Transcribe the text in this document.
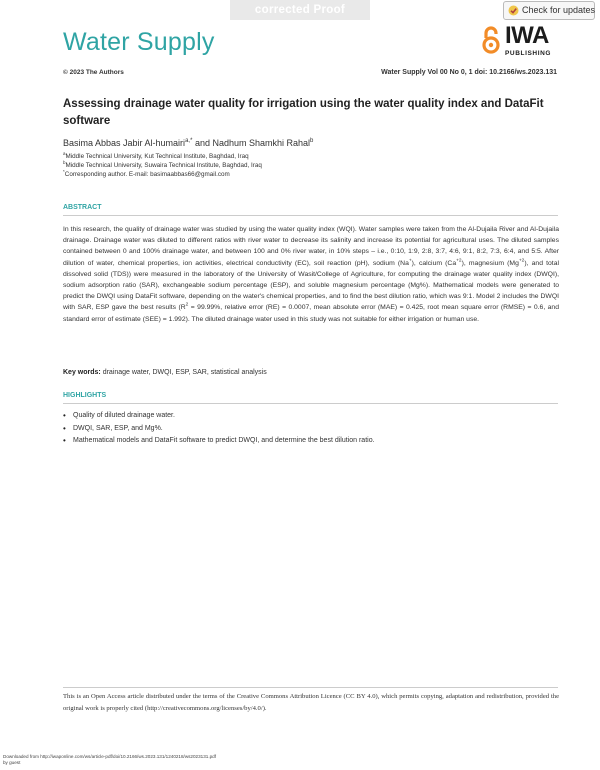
corrected Proof	Check for updates
Water Supply	IWA
PUBLISHING
© 2023 The Authors	Water Supply Vol 00 No 0, 1 doi: 10.2166/ws.2023.131
Assessing drainage water quality for irrigation using the water quality index and DataFit software
Basima Abbas Jabir Al-humairi$^{a,*}$ and Nadhum Shamkhi Rahal$^b$
$^a$Middle Technical University, Kut Technical Institute, Baghdad, Iraq
$^b$Middle Technical University, Suwaira Technical Institute, Baghdad, Iraq
*Corresponding author. E-mail: basimaabbas66@gmail.com
ABSTRACT
In this research, the quality of drainage water was studied by using the water quality index (WQI). Water samples were taken from the Al-Dujaila River and Al-Dujaila drainage. Drainage water was diluted to different ratios with river water to decrease its salinity and increase its potential for agricultural uses. The diluted samples contained between 0 and 100% drainage water, and between 100 and 0% river water, in 10% steps – i.e., 0:10, 1:9, 2:8, 3:7, 4:6, 9:1, 8:2, 7:3, 6:4, and 5:5. After dilution of water, chemical properties, ion activities, electrical conductivity (EC), soil reaction (pH), sodium (Na+), calcium $(Ca^{+2})$, magnesium $(Mg^{+2})$, and total dissolved solid (TDS)) were measured in the laboratory of the University of Wasit/College of Agriculture, for computing the drainage water quality index (DWQI), sodium adsorption ratio (SAR), exchangeable sodium percentage (ESP), and soluble magnesium percentage (Mg%). Mathematical models were generated to predict the DWQI using DataFit software, depending on the water's chemical properties, and to find the best dilution ratio, which was 9:1. Model 2 includes the DWQI with SAR, ESP gave the best results ($R^2 = 99.99\%$, relative error (RE) = 0.0007, mean absolute error (MAE) = 0.425, root mean square error (RMSE) = 0.6, and standard error of estimate (SEE) = 1.992). The diluted drainage water used in this study was not suitable for either irrigation or human use.
Key words: drainage water, DWQI, ESP, SAR, statistical analysis
HIGHLIGHTS
• Quality of diluted drainage water.
• DWQI, SAR, ESP, and Mg%.
• Mathematical models and DataFit software to predict DWQI, and determine the best dilution ratio.
This is an Open Access article distributed under the terms of the Creative Commons Attribution Licence (CC BY 4.0), which permits copying, adaptation and redistribution, provided the original work is properly cited (http://creativecommons.org/licenses/by/4.0/).
Downloaded from http://iwaponline.com/ws/article-pdf/doi/10.2166/ws.2023.131/1240218/ws2023131.pdf
by guest
